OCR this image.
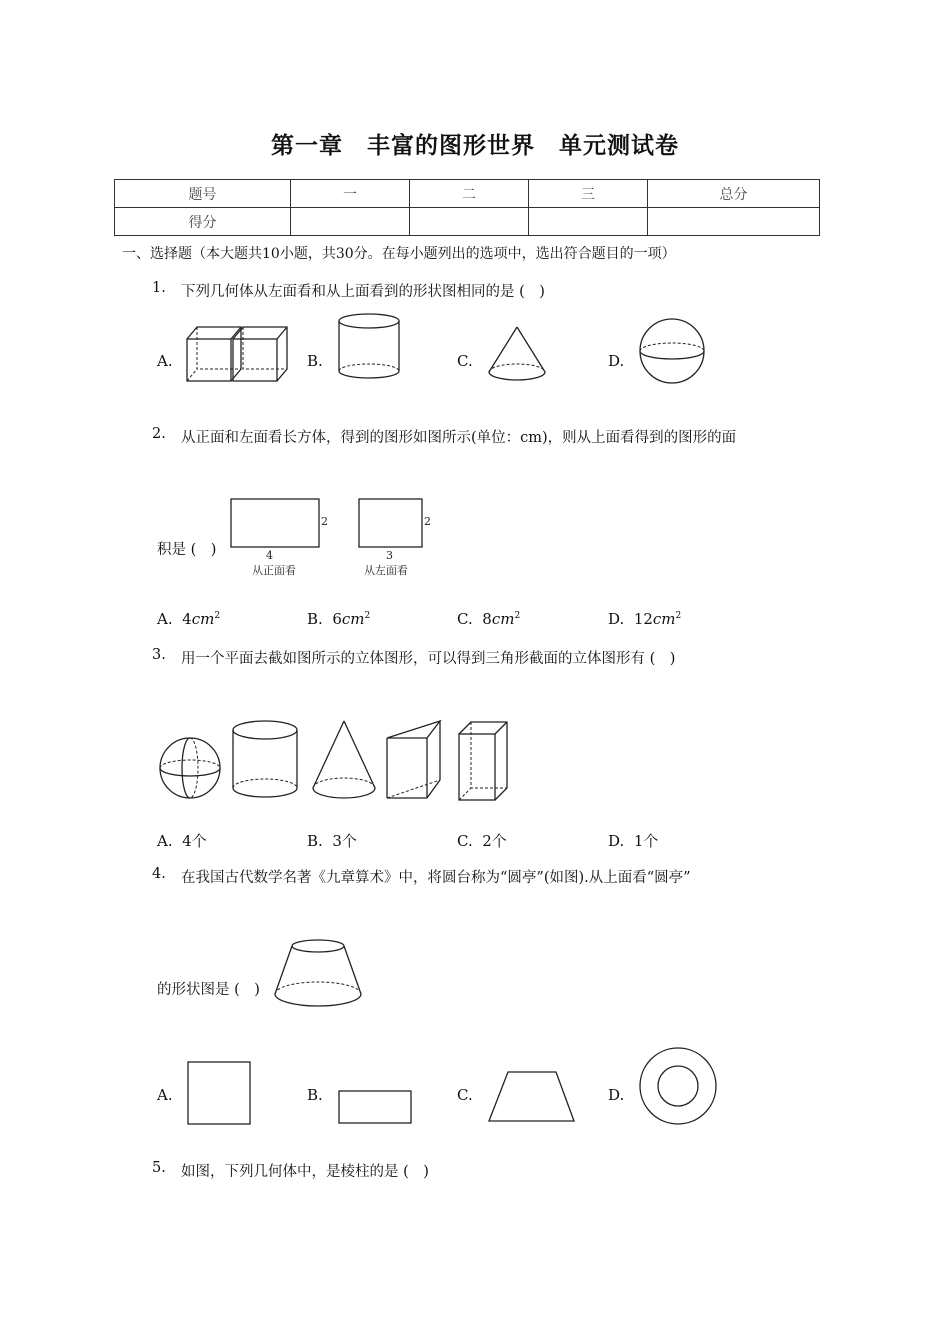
第一章　丰富的图形世界　单元测试卷
题号	一	二	三	总分
得分				
一、选择题（本大题共10小题，共30分。在每小题列出的选项中，选出符合题目的一项）
1. 下列几何体从左面看和从上面看到的形状图相同的是 (　)
A.	B.	C.	D.
2. 从正面和左面看长方体，得到的图形如图所示(单位：cm)，则从上面看得到的图形的面
积是 (　)
2
4
从正面看
2
3
从左面看
A. $4cm^2$	B. $6cm^2$	C. $8cm^2$	D. $12cm^2$
3. 用一个平面去截如图所示的立体图形，可以得到三角形截面的立体图形有 (　)
A. 4个	B. 3个	C. 2个	D. 1个
4. 在我国古代数学名著《九章算术》中，将圆台称为“圆亭”(如图).从上面看“圆亭”
的形状图是 (　)
A.	B.	C.	D.
5. 如图，下列几何体中，是棱柱的是 (　)
